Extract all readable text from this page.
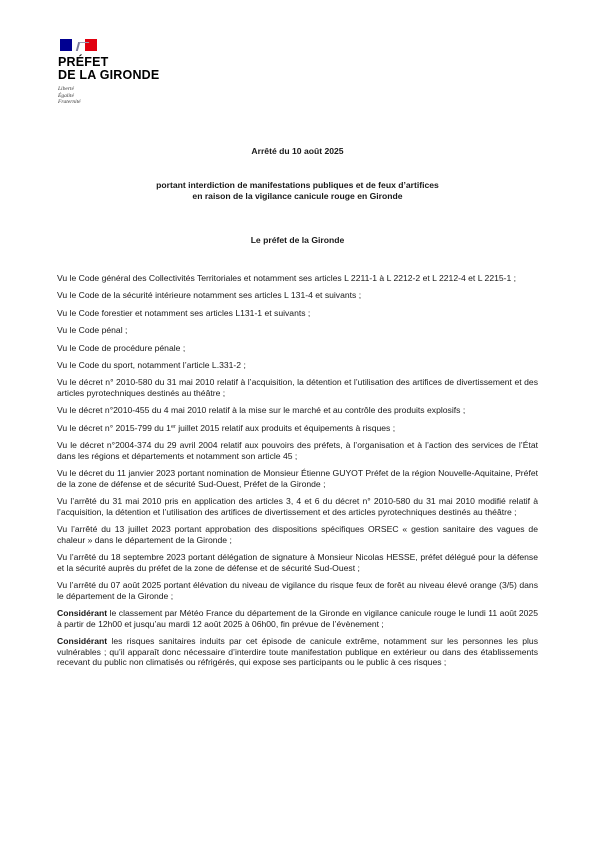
PRÉFET
DE LA GIRONDE
Liberté
Égalité
Fraternité
Arrêté du 10 août 2025
portant interdiction de manifestations publiques et de feux d’artifices
en raison de la vigilance canicule rouge en Gironde
Le préfet de la Gironde

Vu le Code général des Collectivités Territoriales et notamment ses articles L 2211-1 à L 2212-2 et L 2212-4 et L 2215-1 ;

Vu le Code de la sécurité intérieure notamment ses articles L 131-4 et suivants ;

Vu le Code forestier et notamment ses articles L131-1 et suivants ;

Vu le Code pénal ;

Vu le Code de procédure pénale ;

Vu le Code du sport, notamment l’article L.331-2 ;

Vu le décret n° 2010-580 du 31 mai 2010 relatif à l’acquisition, la détention et l’utilisation des artifices de divertissement et des articles pyrotechniques destinés au théâtre ;

Vu le décret n°2010-455 du 4 mai 2010 relatif à la mise sur le marché et au contrôle des produits explosifs ;

Vu le décret n° 2015-799 du 1er juillet 2015 relatif aux produits et équipements à risques ;

Vu le décret n°2004-374 du 29 avril 2004 relatif aux pouvoirs des préfets, à l’organisation et à l’action des services de l’État dans les régions et départements et notamment son article 45 ;

Vu le décret du 11 janvier 2023 portant nomination de Monsieur Étienne GUYOT Préfet de la région Nouvelle-Aquitaine, Préfet de la zone de défense et de sécurité Sud-Ouest, Préfet de la Gironde ;

Vu l’arrêté du 31 mai 2010 pris en application des articles 3, 4 et 6 du décret n° 2010-580 du 31 mai 2010 modifié relatif à l’acquisition, la détention et l’utilisation des artifices de divertissement et des articles pyrotechniques destinés au théâtre ;

Vu l’arrêté du 13 juillet 2023 portant approbation des dispositions spécifiques ORSEC « gestion sanitaire des vagues de chaleur » dans le département de la Gironde ;

Vu l’arrêté du 18 septembre 2023 portant délégation de signature à Monsieur Nicolas HESSE, préfet délégué pour la défense et la sécurité auprès du préfet de la zone de défense et de sécurité Sud-Ouest ;

Vu l’arrêté du 07 août 2025 portant élévation du niveau de vigilance du risque feux de forêt au niveau élevé orange (3/5) dans le département de la Gironde ;

Considérant le classement par Météo France du département de la Gironde en vigilance canicule rouge le lundi 11 août 2025 à partir de 12h00 et jusqu’au mardi 12 août 2025 à 06h00, fin prévue de l’évènement ;

Considérant les risques sanitaires induits par cet épisode de canicule extrême, notamment sur les personnes les plus vulnérables ; qu’il apparaît donc nécessaire d’interdire toute manifestation publique en extérieur ou dans des établissements recevant du public non climatisés ou réfrigérés, qui expose ses participants ou le public à ces risques ;
